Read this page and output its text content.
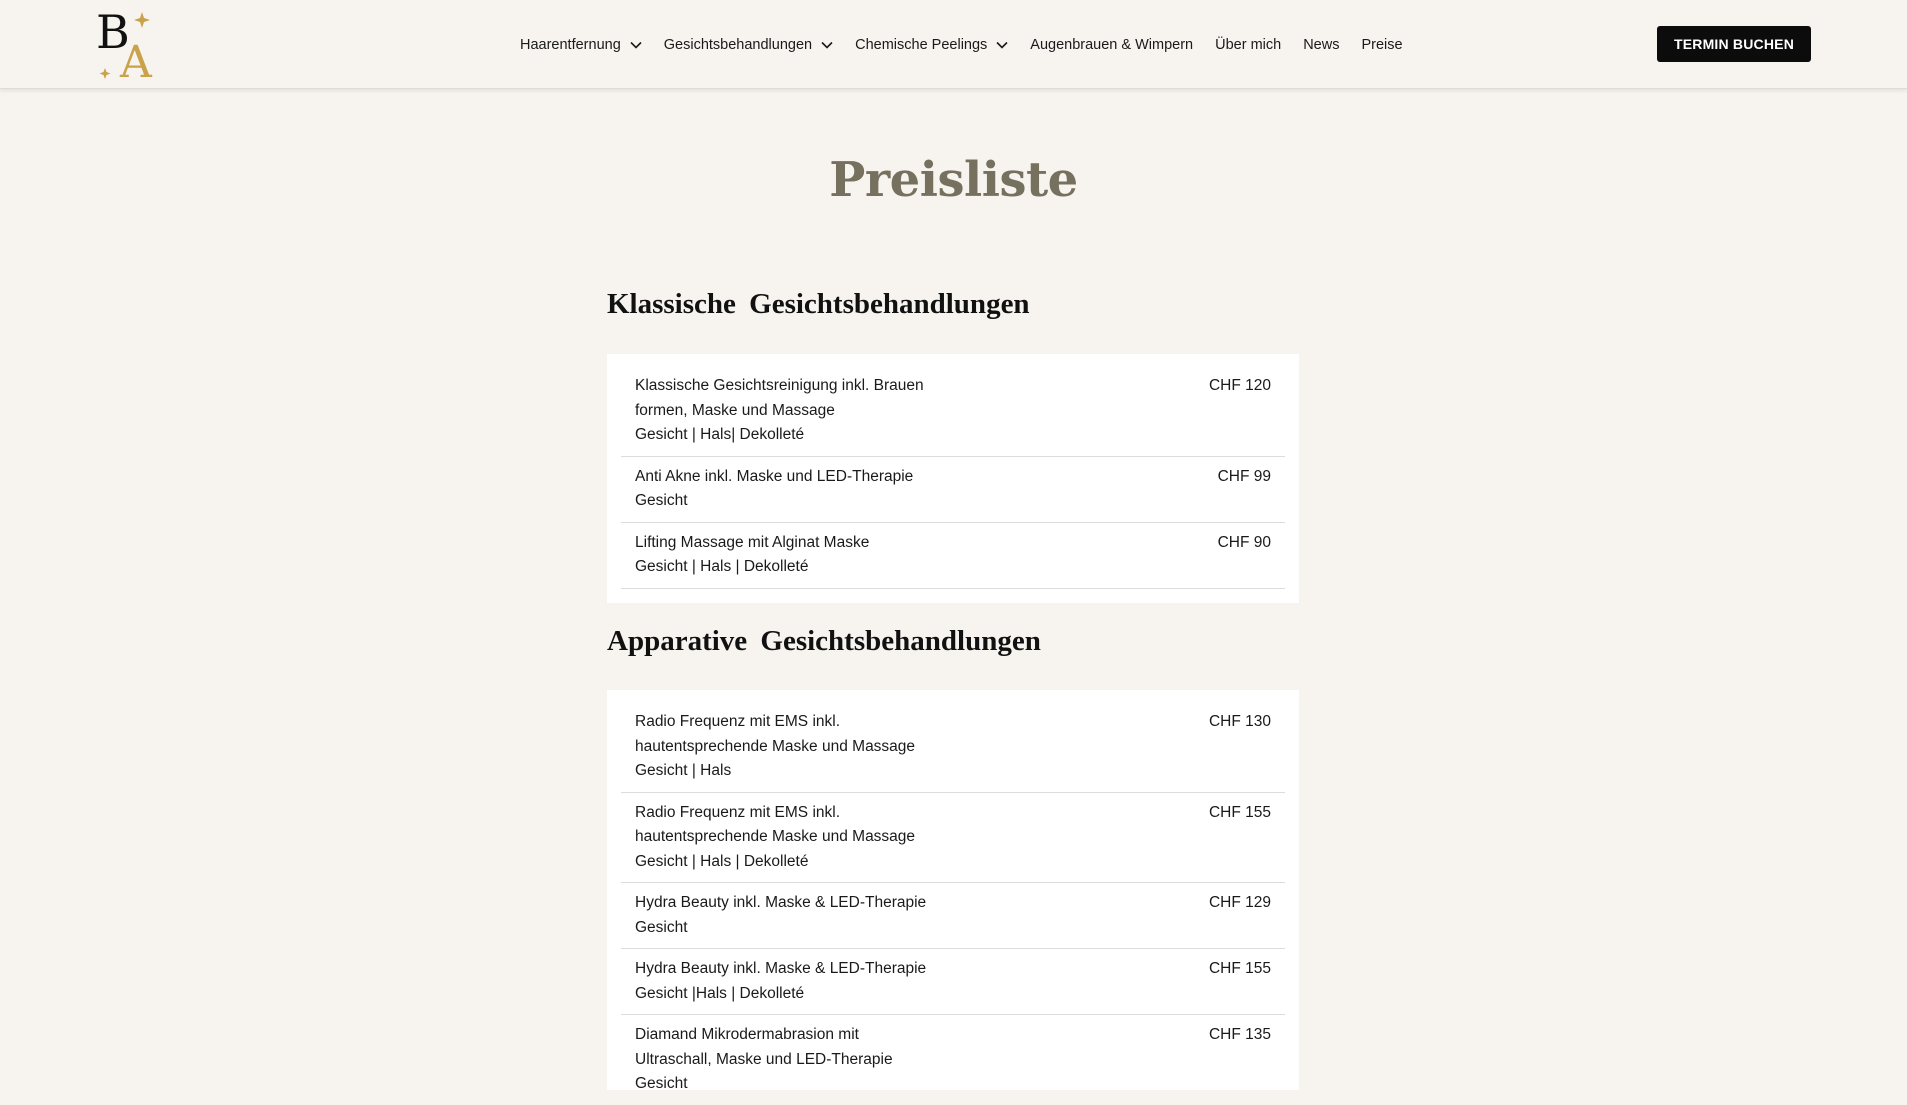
B
A	Haarentfernung	Gesichtsbehandlungen	Chemische Peelings	Augenbrauen & Wimpern Über mich News Preise	TERMIN BUCHEN
Preisliste
Klassische Gesichtsbehandlungen
Klassische Gesichtsreinigung inkl. Brauen
formen, Maske und Massage
Gesicht | Hals| Dekolleté
CHF 120
Anti Akne inkl. Maske und LED-Therapie
Gesicht
CHF 99
Lifting Massage mit Alginat Maske
Gesicht | Hals | Dekolleté
CHF 90
Apparative Gesichtsbehandlungen
Radio Frequenz mit EMS inkl.
hautentsprechende Maske und Massage
Gesicht | Hals
CHF 130
Radio Frequenz mit EMS inkl.
hautentsprechende Maske und Massage
Gesicht | Hals | Dekolleté
CHF 155
Hydra Beauty inkl. Maske & LED-Therapie
Gesicht
CHF 129
Hydra Beauty inkl. Maske & LED-Therapie
Gesicht |Hals | Dekolleté
CHF 155
Diamand Mikrodermabrasion mit
Ultraschall, Maske und LED-Therapie
Gesicht
CHF 135
